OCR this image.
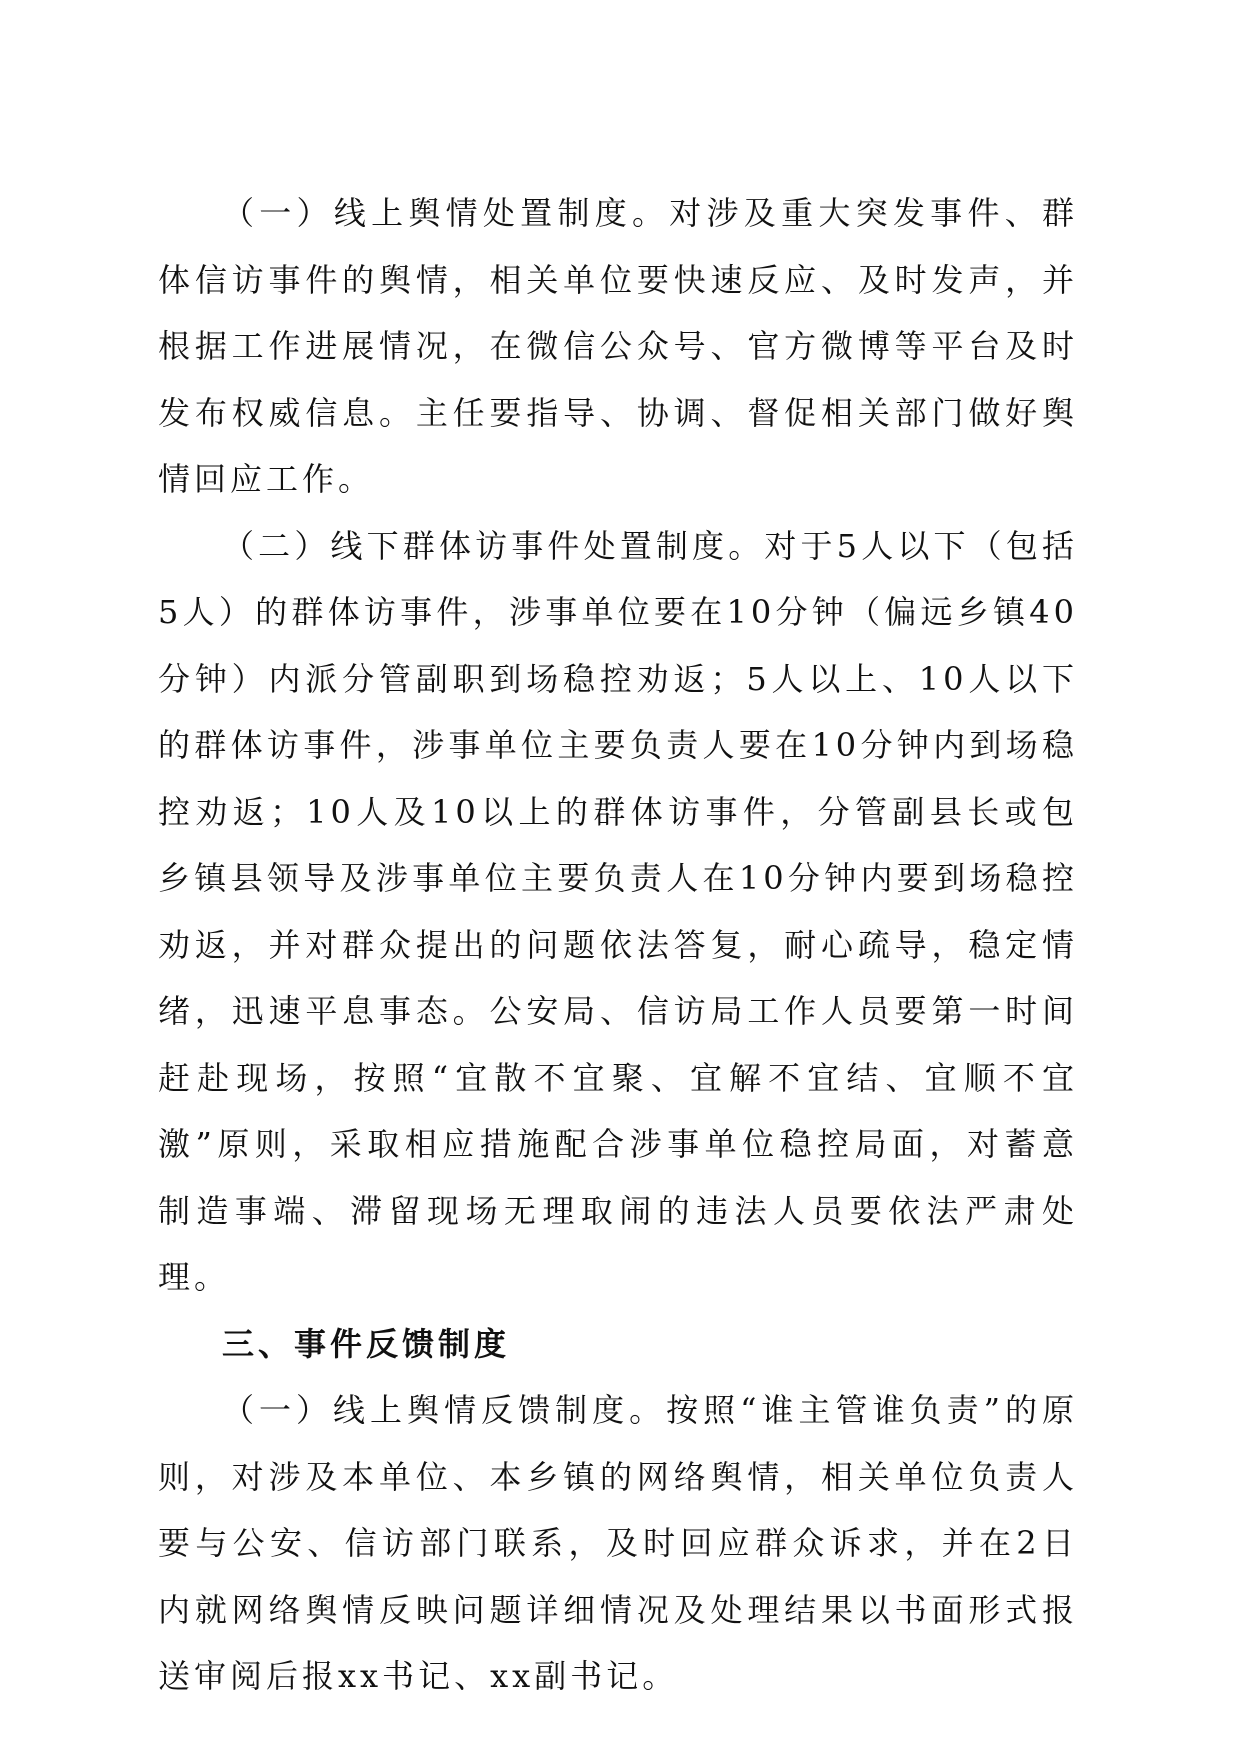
（一）线上舆情处置制度。对涉及重大突发事件、群体信访事件的舆情，相关单位要快速反应、及时发声，并根据工作进展情况，在微信公众号、官方微博等平台及时发布权威信息。主任要指导、协调、督促相关部门做好舆情回应工作。

（二）线下群体访事件处置制度。对于5人以下（包括5人）的群体访事件，涉事单位要在10分钟（偏远乡镇40分钟）内派分管副职到场稳控劝返；5人以上、10人以下的群体访事件，涉事单位主要负责人要在10分钟内到场稳控劝返；10人及10以上的群体访事件，分管副县长或包乡镇县领导及涉事单位主要负责人在10分钟内要到场稳控劝返，并对群众提出的问题依法答复，耐心疏导，稳定情绪，迅速平息事态。公安局、信访局工作人员要第一时间赶赴现场，按照“宜散不宜聚、宜解不宜结、宜顺不宜激”原则，采取相应措施配合涉事单位稳控局面，对蓄意制造事端、滞留现场无理取闹的违法人员要依法严肃处理。

三、事件反馈制度

（一）线上舆情反馈制度。按照“谁主管谁负责”的原则，对涉及本单位、本乡镇的网络舆情，相关单位负责人要与公安、信访部门联系，及时回应群众诉求，并在2日内就网络舆情反映问题详细情况及处理结果以书面形式报送审阅后报xx书记、xx副书记。
